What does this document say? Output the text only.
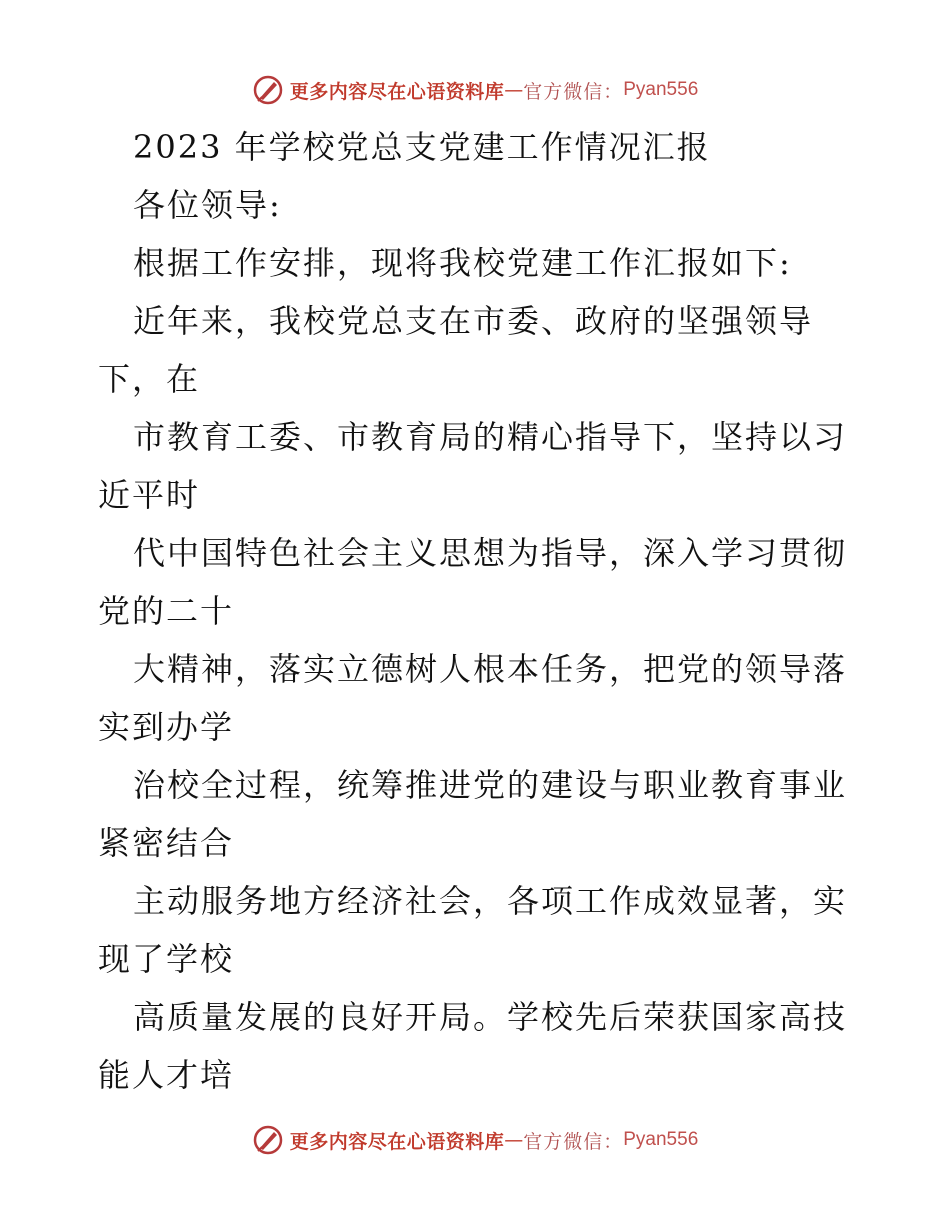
更多内容尽在心语资料库 — 官方微信： Pyan556
2023 年学校党总支党建工作情况汇报
各位领导:
根据工作安排，现将我校党建工作汇报如下:
近年来，我校党总支在市委、政府的坚强领导
下，在
市教育工委、市教育局的精心指导下，坚持以习
近平时
代中国特色社会主义思想为指导，深入学习贯彻
党的二十
大精神，落实立德树人根本任务，把党的领导落
实到办学
治校全过程，统筹推进党的建设与职业教育事业
紧密结合
主动服务地方经济社会，各项工作成效显著，实
现了学校
高质量发展的良好开局。学校先后荣获国家高技
能人才培
更多内容尽在心语资料库 — 官方微信： Pyan556
